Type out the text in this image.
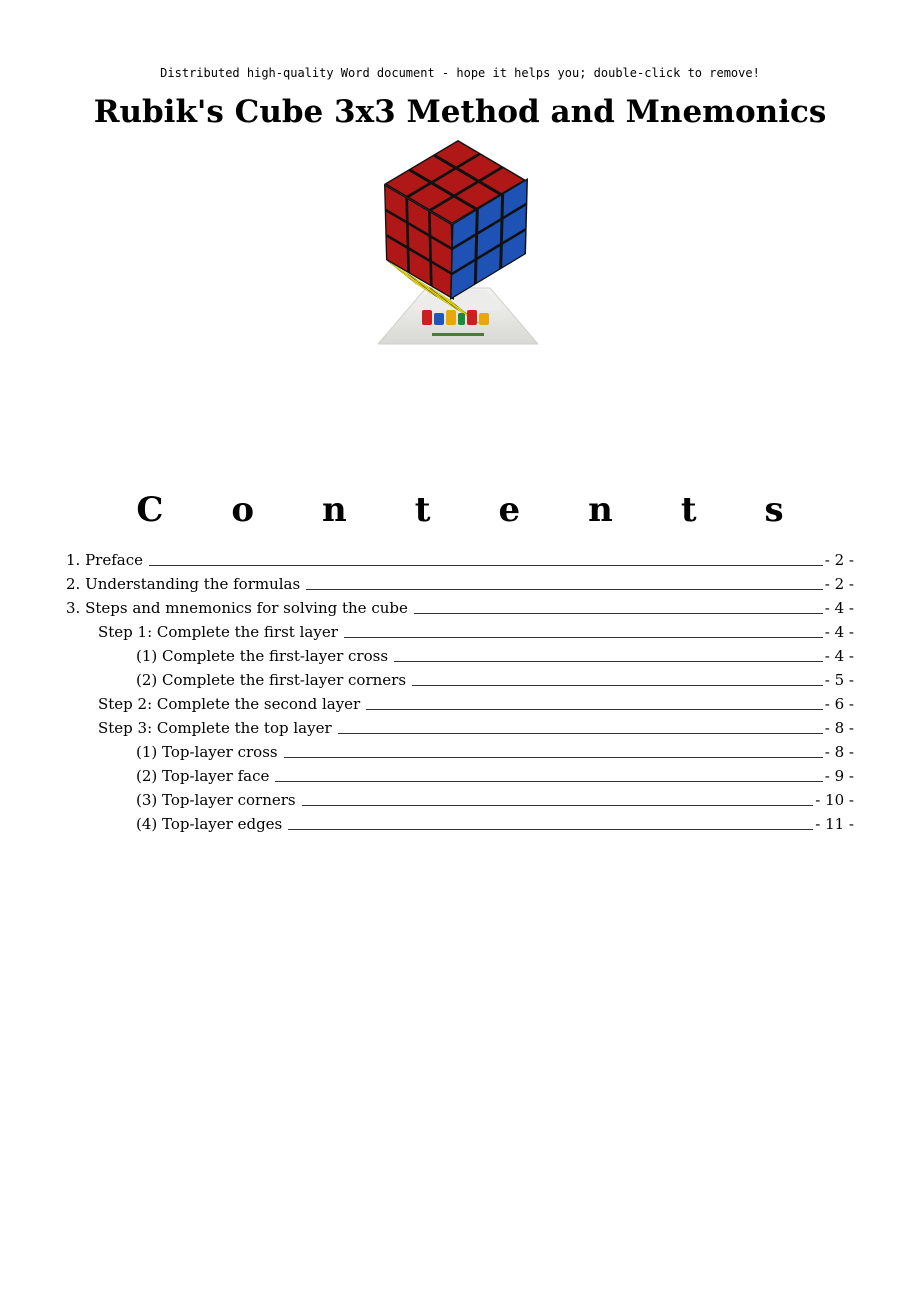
Distributed high-quality Word document - hope it helps you; double-click to remove!
Rubik's Cube 3x3 Method and Mnemonics
Contents
1. Preface	- 2 -
2. Understanding the formulas	- 2 -
3. Steps and mnemonics for solving the cube	- 4 -
Step 1: Complete the first layer	- 4 -
(1) Complete the first-layer cross	- 4 -
(2) Complete the first-layer corners	- 5 -
Step 2: Complete the second layer	- 6 -
Step 3: Complete the top layer	- 8 -
(1) Top-layer cross	- 8 -
(2) Top-layer face	- 9 -
(3) Top-layer corners	- 10 -
(4) Top-layer edges	- 11 -
